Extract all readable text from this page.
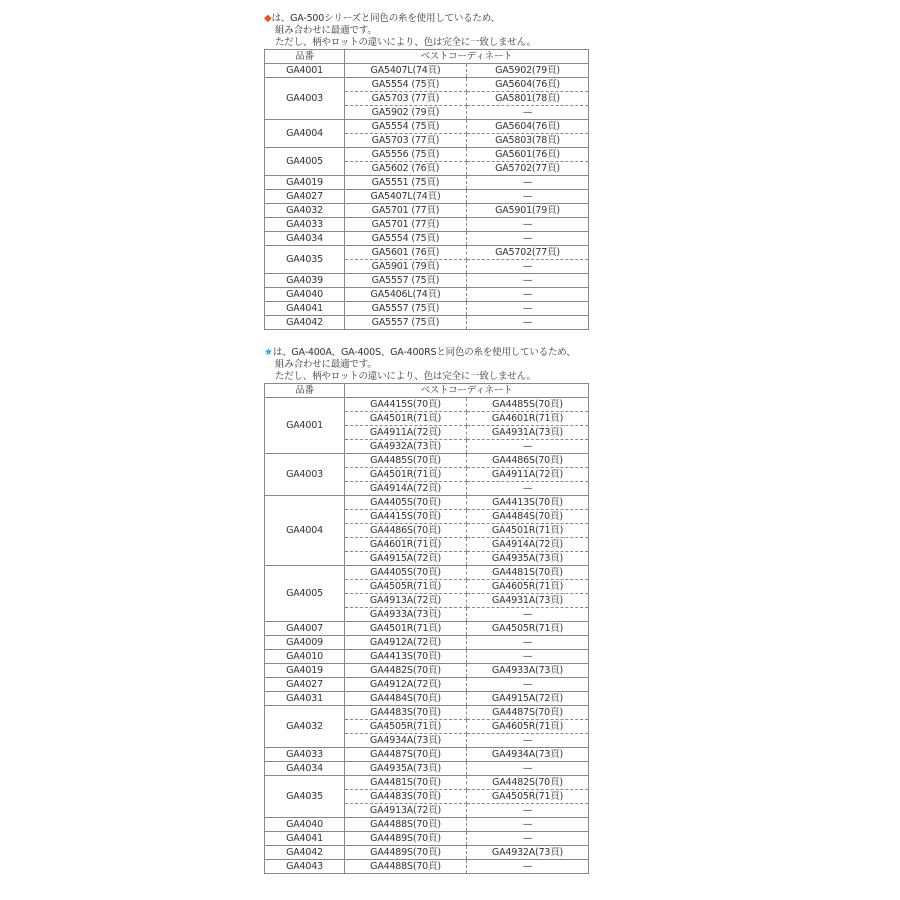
◆は、GA-500シリーズと同色の糸を使用しているため、
組み合わせに最適です。
ただし、柄やロットの違いにより、色は完全に一致しません。
品番	ベストコーディネート	
GA4001	GA5407L(74頁)	GA5902(79頁)
GA4003	GA5554 (75頁)	GA5604(76頁)
	GA5703 (77頁)	GA5801(78頁)
	GA5902 (79頁)	—
GA4004	GA5554 (75頁)	GA5604(76頁)
	GA5703 (77頁)	GA5803(78頁)
GA4005	GA5556 (75頁)	GA5601(76頁)
	GA5602 (76頁)	GA5702(77頁)
GA4019	GA5551 (75頁)	—
GA4027	GA5407L(74頁)	—
GA4032	GA5701 (77頁)	GA5901(79頁)
GA4033	GA5701 (77頁)	—
GA4034	GA5554 (75頁)	—
GA4035	GA5601 (76頁)	GA5702(77頁)
	GA5901 (79頁)	—
GA4039	GA5557 (75頁)	—
GA4040	GA5406L(74頁)	—
GA4041	GA5557 (75頁)	—
GA4042	GA5557 (75頁)	—
★は、GA-400A、GA-400S、GA-400RSと同色の糸を使用しているため、
組み合わせに最適です。
ただし、柄やロットの違いにより、色は完全に一致しません。
品番	ベストコーディネート	
GA4001	GA4415S(70頁)	GA4485S(70頁)
	GA4501R(71頁)	GA4601R(71頁)
	GA4911A(72頁)	GA4931A(73頁)
	GA4932A(73頁)	—
GA4003	GA4485S(70頁)	GA4486S(70頁)
	GA4501R(71頁)	GA4911A(72頁)
	GA4914A(72頁)	—
GA4004	GA4405S(70頁)	GA4413S(70頁)
	GA4415S(70頁)	GA4484S(70頁)
	GA4486S(70頁)	GA4501R(71頁)
	GA4601R(71頁)	GA4914A(72頁)
	GA4915A(72頁)	GA4935A(73頁)
GA4005	GA4405S(70頁)	GA4481S(70頁)
	GA4505R(71頁)	GA4605R(71頁)
	GA4913A(72頁)	GA4931A(73頁)
	GA4933A(73頁)	—
GA4007	GA4501R(71頁)	GA4505R(71頁)
GA4009	GA4912A(72頁)	—
GA4010	GA4413S(70頁)	—
GA4019	GA4482S(70頁)	GA4933A(73頁)
GA4027	GA4912A(72頁)	—
GA4031	GA4484S(70頁)	GA4915A(72頁)
GA4032	GA4483S(70頁)	GA4487S(70頁)
	GA4505R(71頁)	GA4605R(71頁)
	GA4934A(73頁)	—
GA4033	GA4487S(70頁)	GA4934A(73頁)
GA4034	GA4935A(73頁)	—
GA4035	GA4481S(70頁)	GA4482S(70頁)
	GA4483S(70頁)	GA4505R(71頁)
	GA4913A(72頁)	—
GA4040	GA4488S(70頁)	—
GA4041	GA4489S(70頁)	—
GA4042	GA4489S(70頁)	GA4932A(73頁)
GA4043	GA4488S(70頁)	—
